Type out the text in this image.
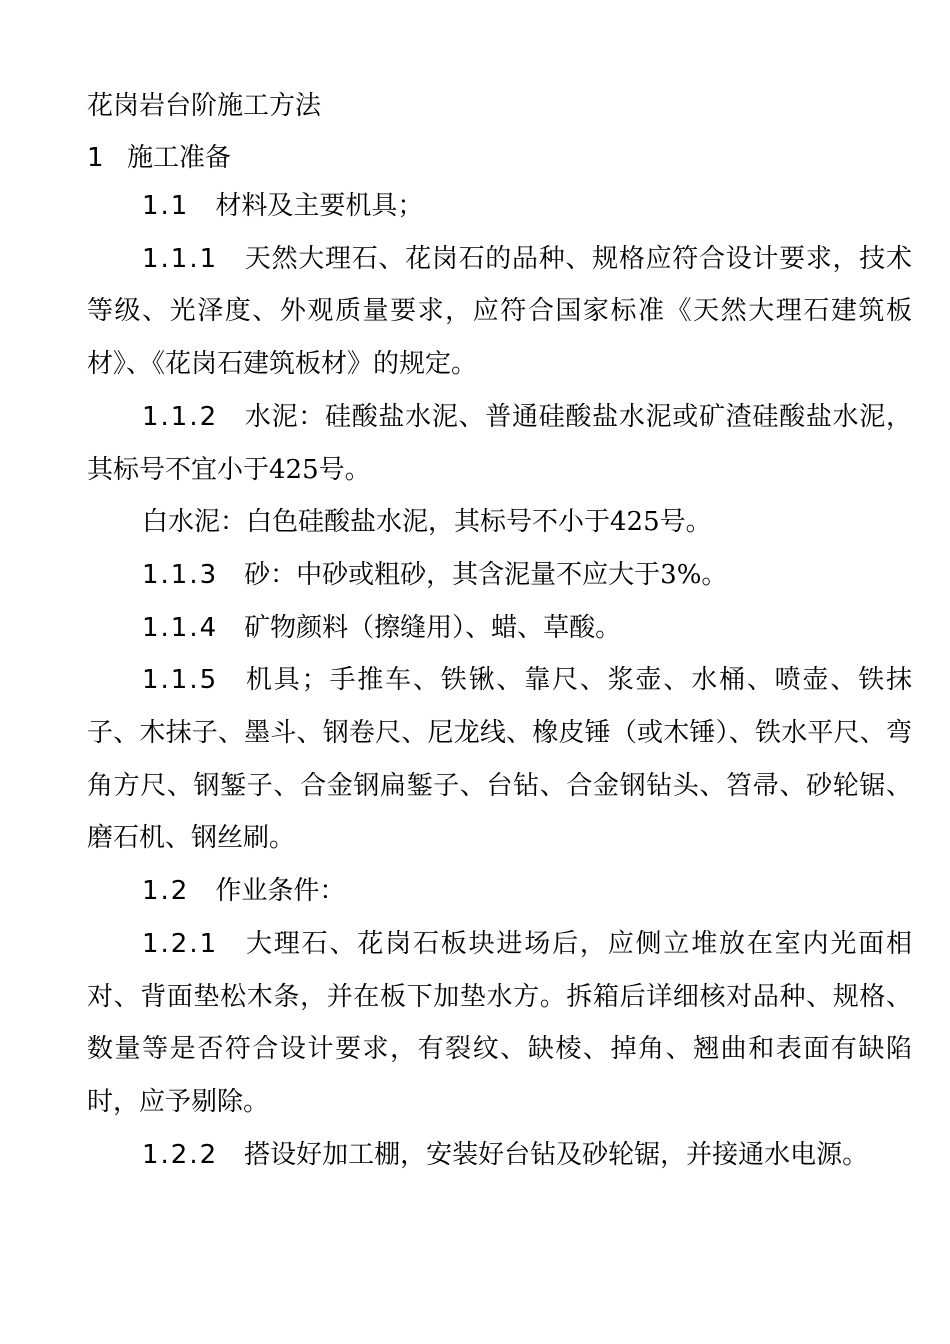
花岗岩台阶施工方法
1 施工准备

1.1 材料及主要机具；

1.1.1 天然大理石、花岗石的品种、规格应符合设计要求，技术等级、光泽度、外观质量要求，应符合国家标准《天然大理石建筑板材》、《花岗石建筑板材》的规定。

1.1.2 水泥：硅酸盐水泥、普通硅酸盐水泥或矿渣硅酸盐水泥，其标号不宜小于425号。

白水泥：白色硅酸盐水泥，其标号不小于425号。

1.1.3 砂：中砂或粗砂，其含泥量不应大于3%。

1.1.4 矿物颜料（擦缝用）、蜡、草酸。

1.1.5 机具；手推车、铁锹、靠尺、浆壶、水桶、喷壶、铁抹子、木抹子、墨斗、钢卷尺、尼龙线、橡皮锤（或木锤）、铁水平尺、弯角方尺、钢錾子、合金钢扁錾子、台钻、合金钢钻头、笤帚、砂轮锯、磨石机、钢丝刷。

1.2 作业条件：

1.2.1 大理石、花岗石板块进场后，应侧立堆放在室内光面相对、背面垫松木条，并在板下加垫水方。拆箱后详细核对品种、规格、数量等是否符合设计要求，有裂纹、缺棱、掉角、翘曲和表面有缺陷时，应予剔除。

1.2.2 搭设好加工棚，安装好台钻及砂轮锯，并接通水电源。
